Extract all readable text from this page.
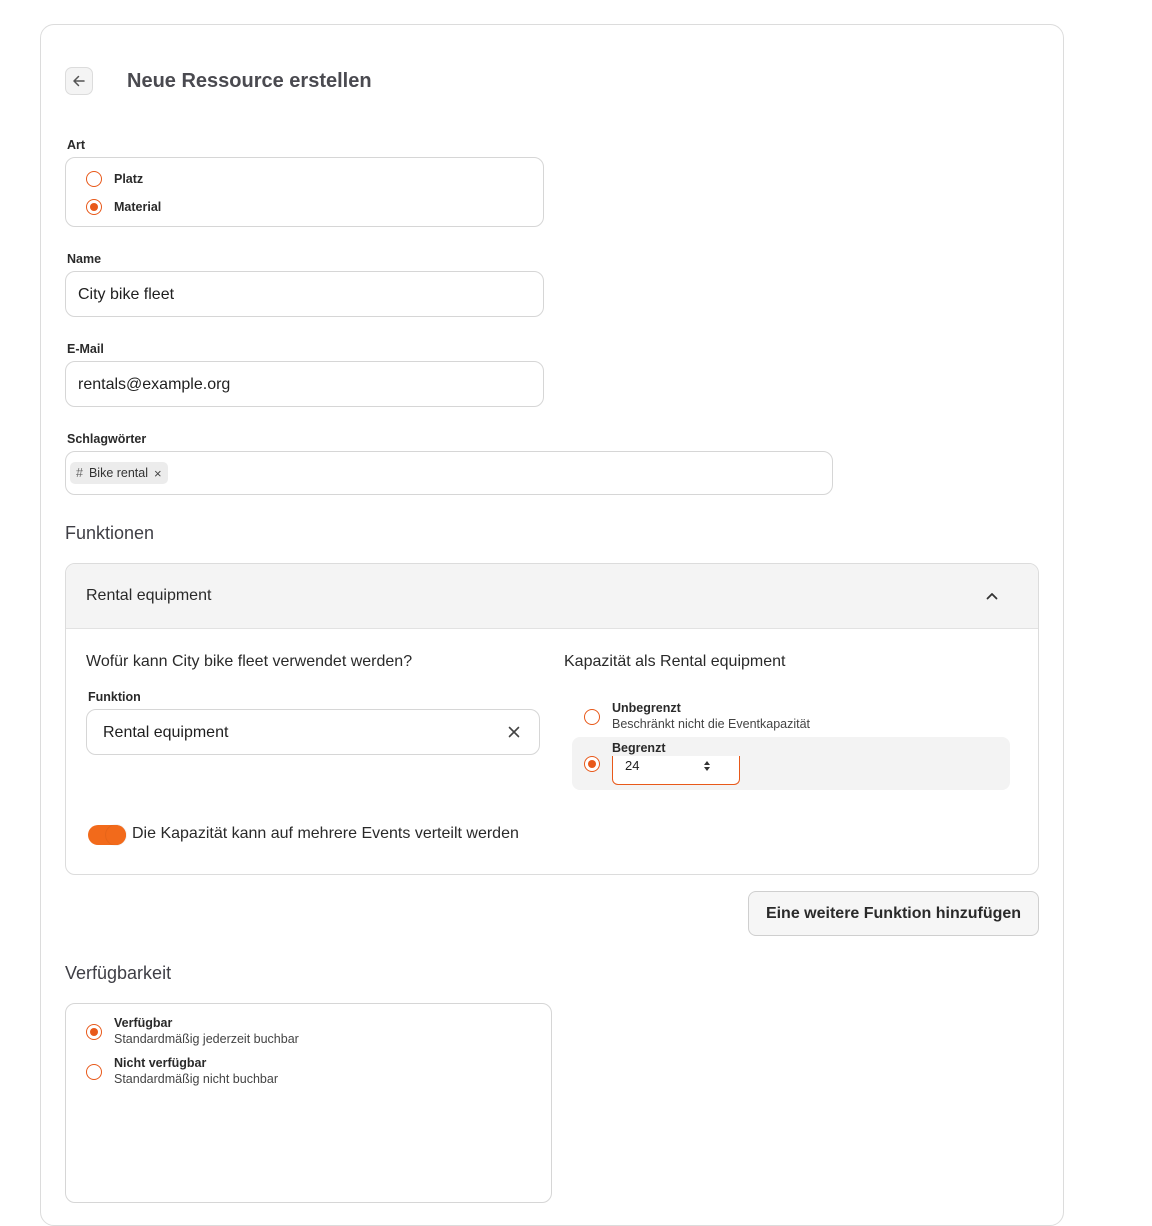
Neue Ressource erstellen
Art
Platz
Material
Name
City bike fleet
E-Mail
rentals@example.org
Schlagwörter
# Bike rental ×
Funktionen
Rental equipment
Wofür kann City bike fleet verwendet werden?
Funktion
Rental equipment
Kapazität als Rental equipment
Unbegrenzt
Beschränkt nicht die Eventkapazität
Begrenzt
24
Die Kapazität kann auf mehrere Events verteilt werden
Eine weitere Funktion hinzufügen
Verfügbarkeit
Verfügbar
Standardmäßig jederzeit buchbar
Nicht verfügbar
Standardmäßig nicht buchbar
